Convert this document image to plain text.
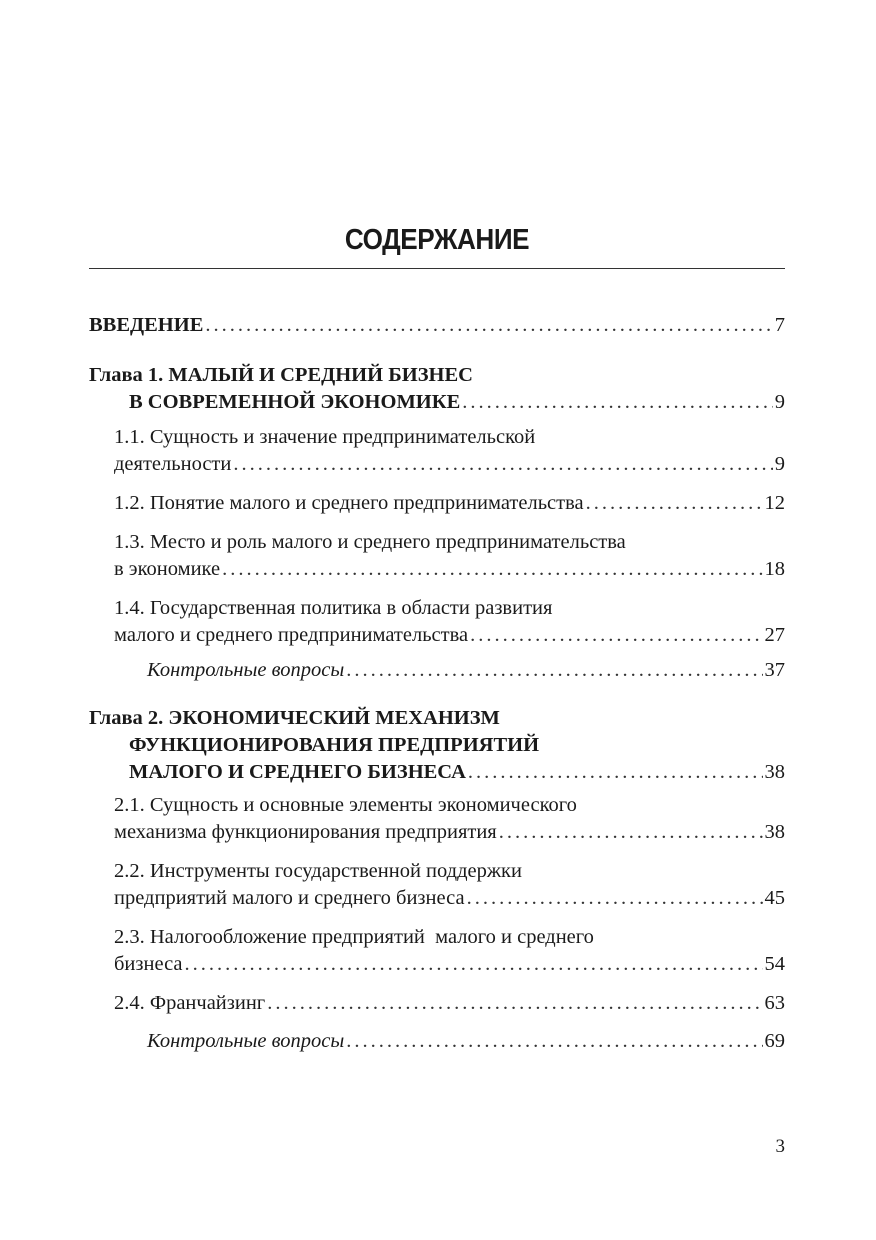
СОДЕРЖАНИЕ
ВВЕДЕНИЕ .....	7
Глава 1. МАЛЫЙ И СРЕДНИЙ БИЗНЕС
В СОВРЕМЕННОЙ ЭКОНОМИКЕ .....	9
1.1. Сущность и значение предпринимательской
деятельности .....	9
1.2. Понятие малого и среднего предпринимательства .....	12
1.3. Место и роль малого и среднего предпринимательства
в экономике .....	18
1.4. Государственная политика в области развития
малого и среднего предпринимательства .....	27
Контрольные вопросы .....	37
Глава 2. ЭКОНОМИЧЕСКИЙ МЕХАНИЗМ
ФУНКЦИОНИРОВАНИЯ ПРЕДПРИЯТИЙ
МАЛОГО И СРЕДНЕГО БИЗНЕСА .....	38
2.1. Сущность и основные элементы экономического
механизма функционирования предприятия .....	38
2.2. Инструменты государственной поддержки
предприятий малого и среднего бизнеса .....	45
2.3. Налогообложение предприятий  малого и среднего
бизнеса .....	54
2.4. Франчайзинг .....	63
Контрольные вопросы .....	69
3
